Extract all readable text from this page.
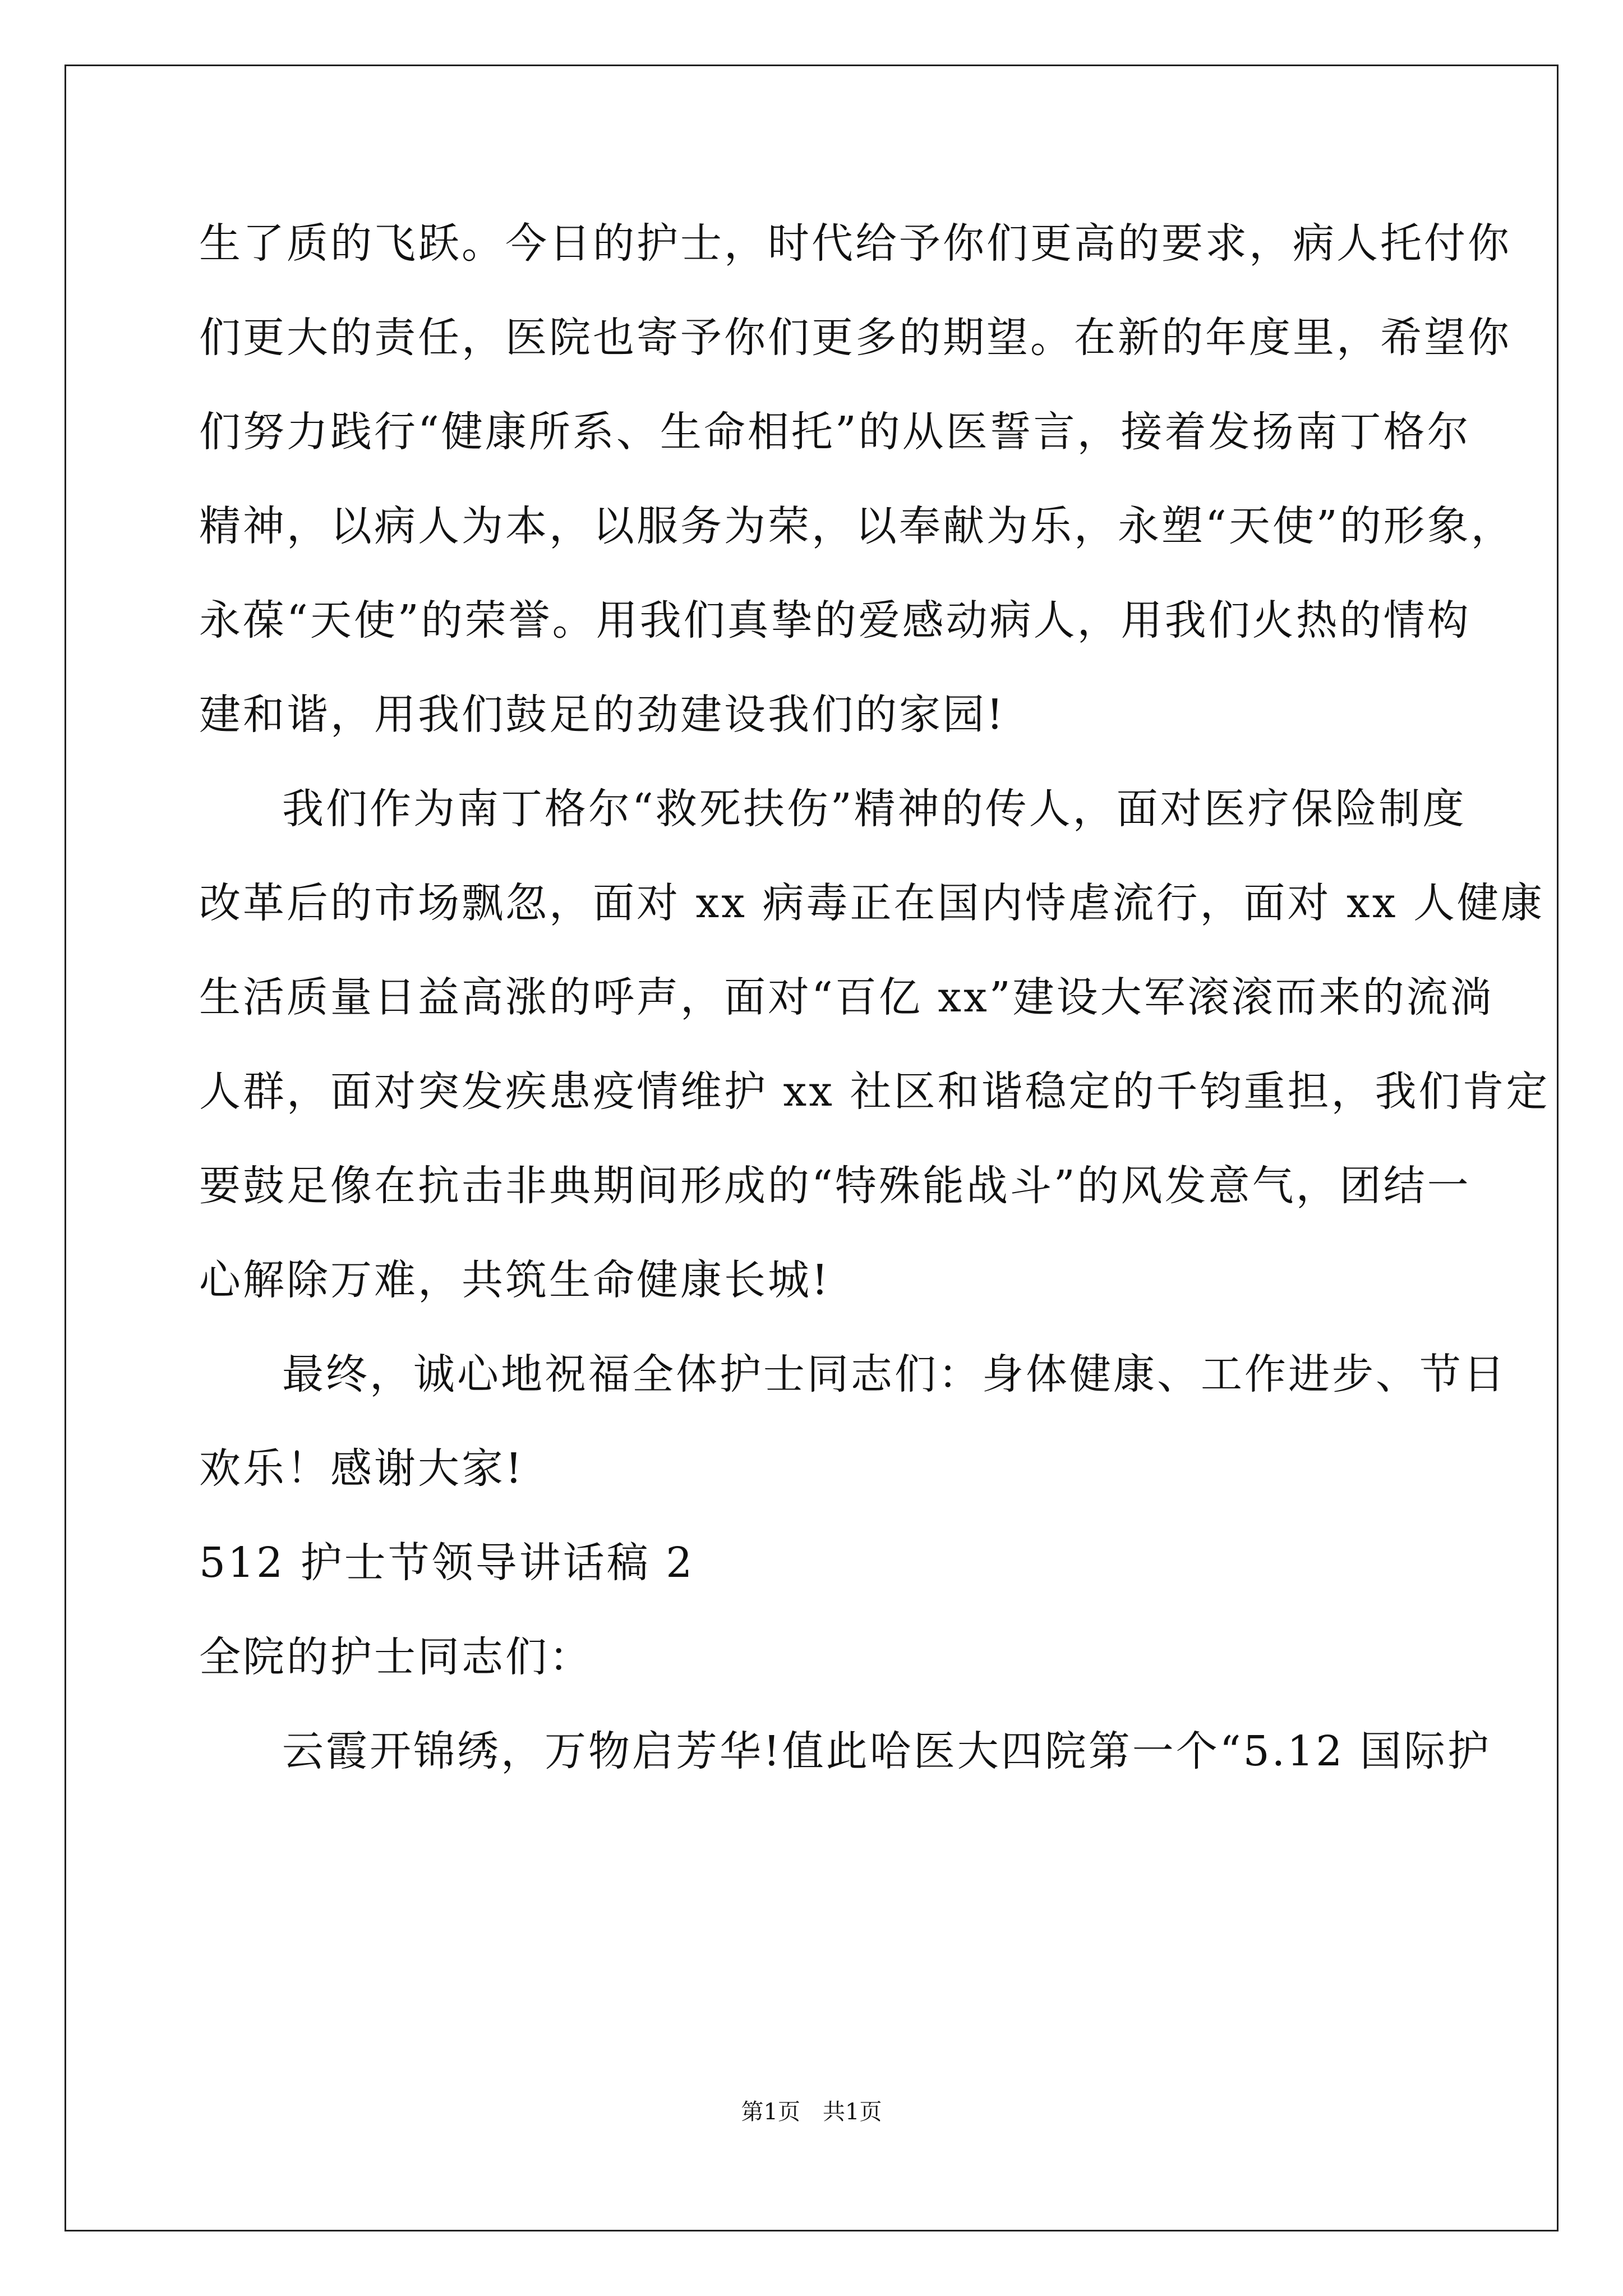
生了质的飞跃。今日的护士，时代给予你们更高的要求，病人托付你
们更大的责任，医院也寄予你们更多的期望。在新的年度里，希望你
们努力践行“健康所系、生命相托”的从医誓言，接着发扬南丁格尔
精神，以病人为本，以服务为荣，以奉献为乐，永塑“天使”的形象，
永葆“天使”的荣誉。用我们真挚的爱感动病人，用我们火热的情构
建和谐，用我们鼓足的劲建设我们的家园!
我们作为南丁格尔“救死扶伤”精神的传人，面对医疗保险制度
改革后的市场飘忽，面对 xx 病毒正在国内恃虐流行，面对 xx 人健康
生活质量日益高涨的呼声，面对“百亿 xx”建设大军滚滚而来的流淌
人群，面对突发疾患疫情维护 xx 社区和谐稳定的千钧重担，我们肯定
要鼓足像在抗击非典期间形成的“特殊能战斗”的风发意气，团结一
心解除万难，共筑生命健康长城!
最终，诚心地祝福全体护士同志们：身体健康、工作进步、节日
欢乐！感谢大家!
512 护士节领导讲话稿 2
全院的护士同志们：
云霞开锦绣，万物启芳华!值此哈医大四院第一个“5.12 国际护
第1页 共1页
